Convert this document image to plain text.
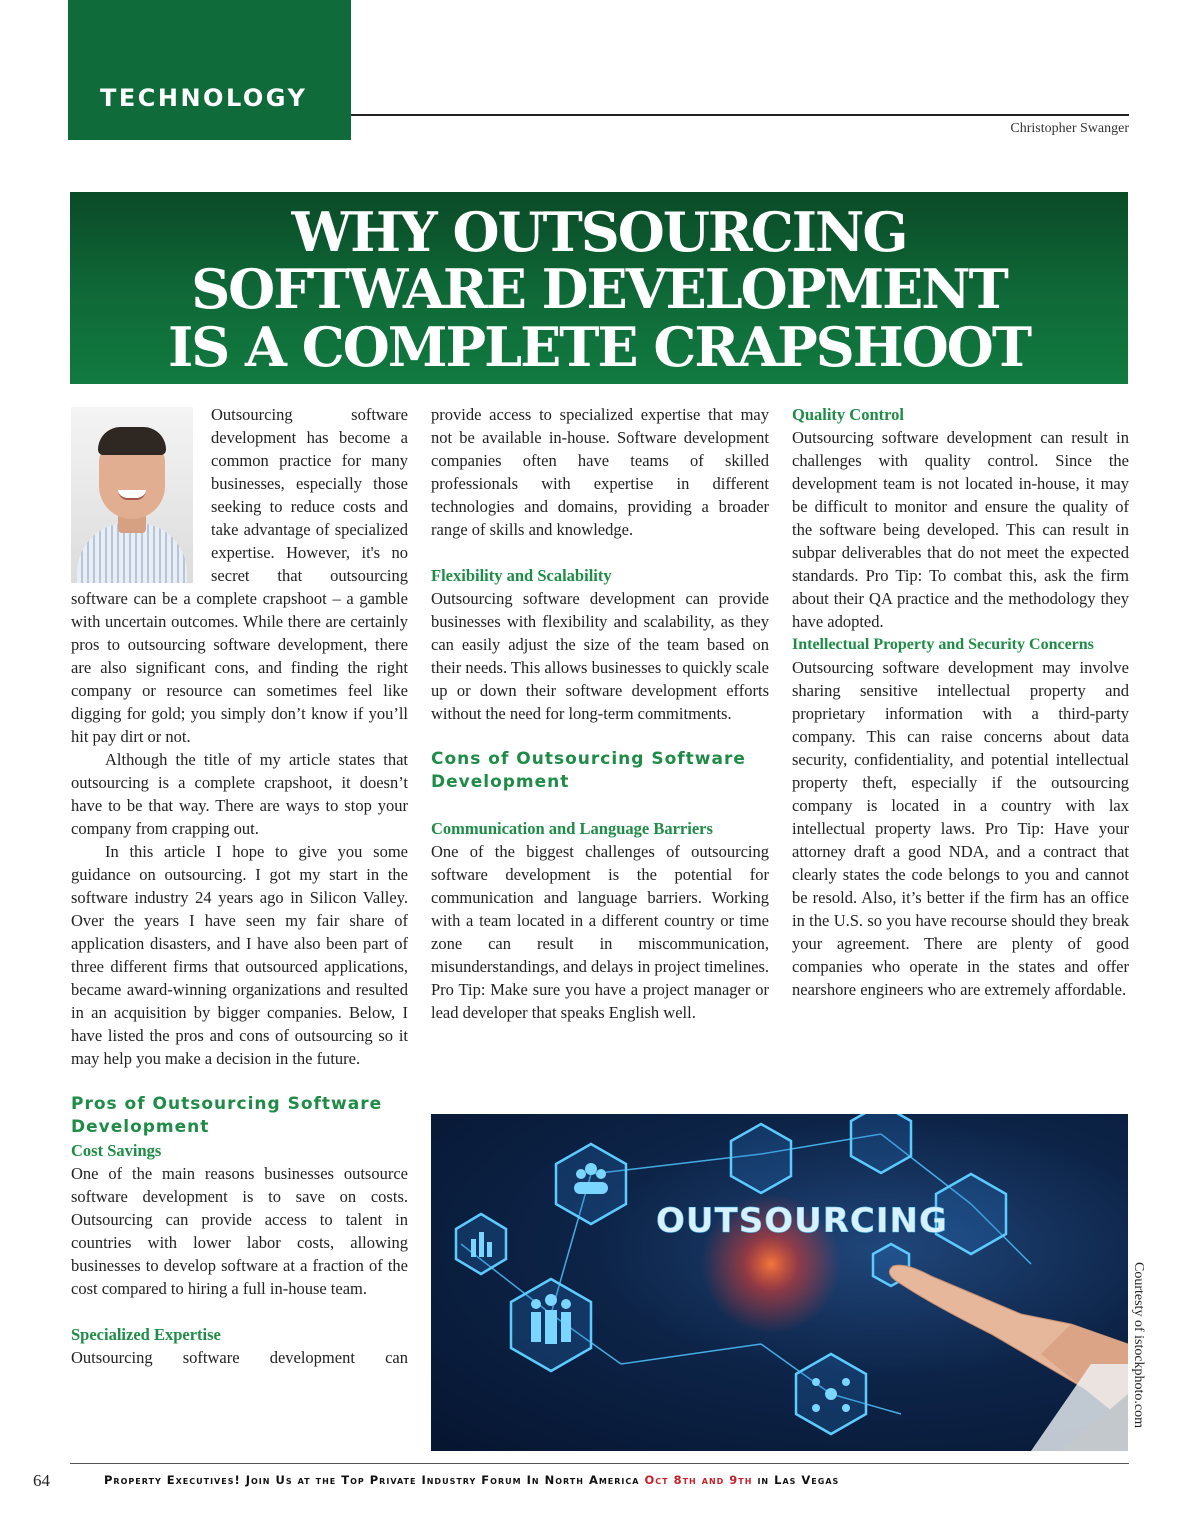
TECHNOLOGY
Christopher Swanger
WHY OUTSOURCING
SOFTWARE DEVELOPMENT
IS A COMPLETE CRAPSHOOT

Outsourcing software development has become a common practice for many businesses, especially those seeking to reduce costs and take advantage of specialized expertise. However, it's no secret that outsourcing software can be a complete crapshoot – a gamble with uncertain outcomes. While there are certainly pros to outsourcing software development, there are also significant cons, and finding the right company or resource can sometimes feel like digging for gold; you simply don’t know if you’ll hit pay dirt or not.

Although the title of my article states that outsourcing is a complete crapshoot, it doesn’t have to be that way. There are ways to stop your company from crapping out.

In this article I hope to give you some guidance on outsourcing. I got my start in the software industry 24 years ago in Silicon Valley. Over the years I have seen my fair share of application disasters, and I have also been part of three different firms that outsourced applications, became award-winning organizations and resulted in an acquisition by bigger companies. Below, I have listed the pros and cons of outsourcing so it may help you make a decision in the future.

Pros of Outsourcing Software Development

Cost Savings

One of the main reasons businesses outsource software development is to save on costs. Outsourcing can provide access to talent in countries with lower labor costs, allowing businesses to develop software at a fraction of the cost compared to hiring a full in-house team.

Specialized Expertise

Outsourcing software development can

provide access to specialized expertise that may not be available in-house. Software development companies often have teams of skilled professionals with expertise in different technologies and domains, providing a broader range of skills and knowledge.

Flexibility and Scalability

Outsourcing software development can provide businesses with flexibility and scalability, as they can easily adjust the size of the team based on their needs. This allows businesses to quickly scale up or down their software development efforts without the need for long-term commitments.

Cons of Outsourcing Software Development

Communication and Language Barriers

One of the biggest challenges of outsourcing software development is the potential for communication and language barriers. Working with a team located in a different country or time zone can result in miscommunication, misunderstandings, and delays in project timelines. Pro Tip: Make sure you have a project manager or lead developer that speaks English well.

Quality Control

Outsourcing software development can result in challenges with quality control. Since the development team is not located in-house, it may be difficult to monitor and ensure the quality of the software being developed. This can result in subpar deliverables that do not meet the expected standards. Pro Tip: To combat this, ask the firm about their QA practice and the methodology they have adopted.

Intellectual Property and Security Concerns

Outsourcing software development may involve sharing sensitive intellectual property and proprietary information with a third-party company. This can raise concerns about data security, confidentiality, and potential intellectual property theft, especially if the outsourcing company is located in a country with lax intellectual property laws. Pro Tip: Have your attorney draft a good NDA, and a contract that clearly states the code belongs to you and cannot be resold. Also, it’s better if the firm has an office in the U.S. so you have recourse should they break your agreement. There are plenty of good companies who operate in the states and offer nearshore engineers who are extremely affordable.

OUTSOURCING
Courtesty of istockphoto.com
64	Property Executives! Join Us at the Top Private Industry Forum In North America Oct 8th and 9th in Las Vegas
